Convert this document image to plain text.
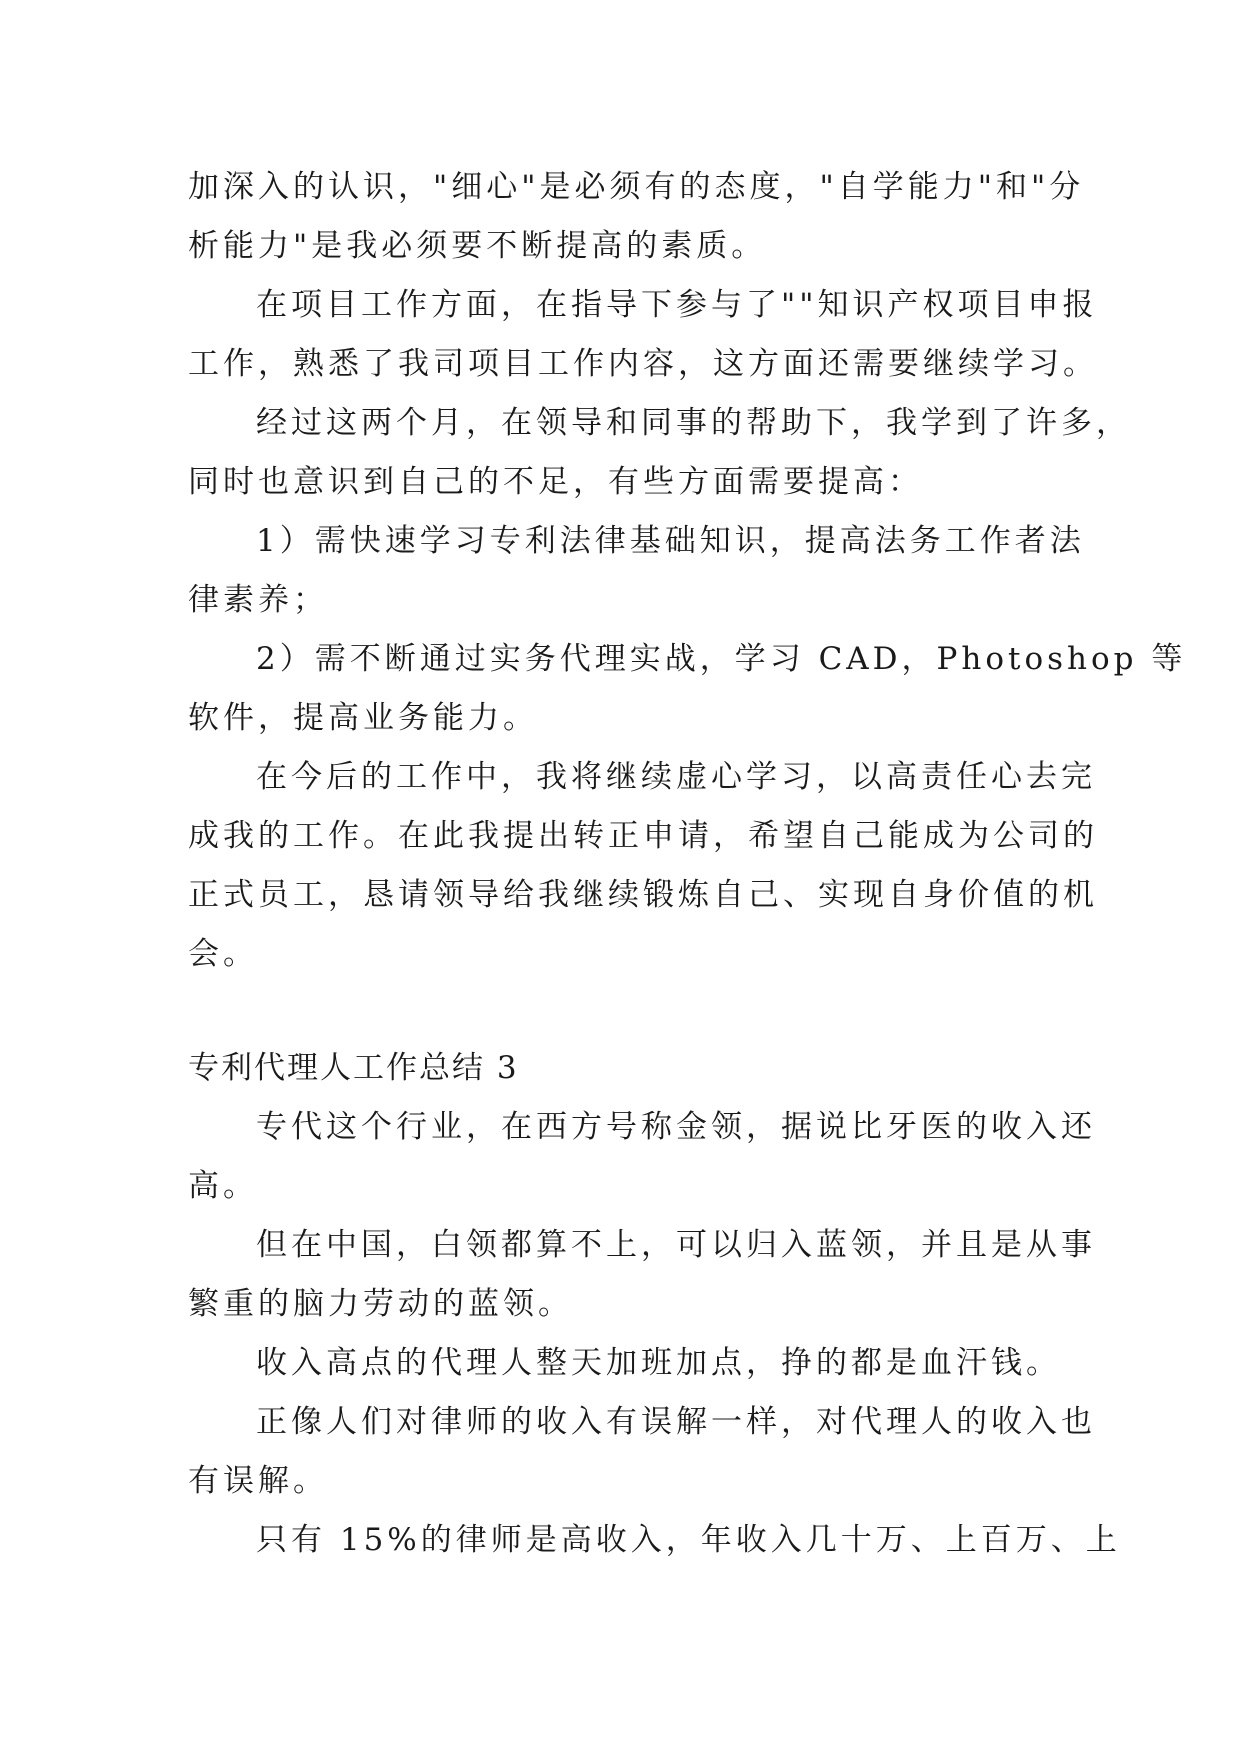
加深入的认识，"细心"是必须有的态度，"自学能力"和"分
析能力"是我必须要不断提高的素质。
在项目工作方面，在指导下参与了""知识产权项目申报
工作，熟悉了我司项目工作内容，这方面还需要继续学习。
经过这两个月，在领导和同事的帮助下，我学到了许多，
同时也意识到自己的不足，有些方面需要提高：
1）需快速学习专利法律基础知识，提高法务工作者法
律素养；
2）需不断通过实务代理实战，学习 CAD，Photoshop 等
软件，提高业务能力。
在今后的工作中，我将继续虚心学习，以高责任心去完
成我的工作。在此我提出转正申请，希望自己能成为公司的
正式员工，恳请领导给我继续锻炼自己、实现自身价值的机
会。
专利代理人工作总结 3
专代这个行业，在西方号称金领，据说比牙医的收入还
高。
但在中国，白领都算不上，可以归入蓝领，并且是从事
繁重的脑力劳动的蓝领。
收入高点的代理人整天加班加点，挣的都是血汗钱。
正像人们对律师的收入有误解一样，对代理人的收入也
有误解。
只有 15%的律师是高收入，年收入几十万、上百万、上
